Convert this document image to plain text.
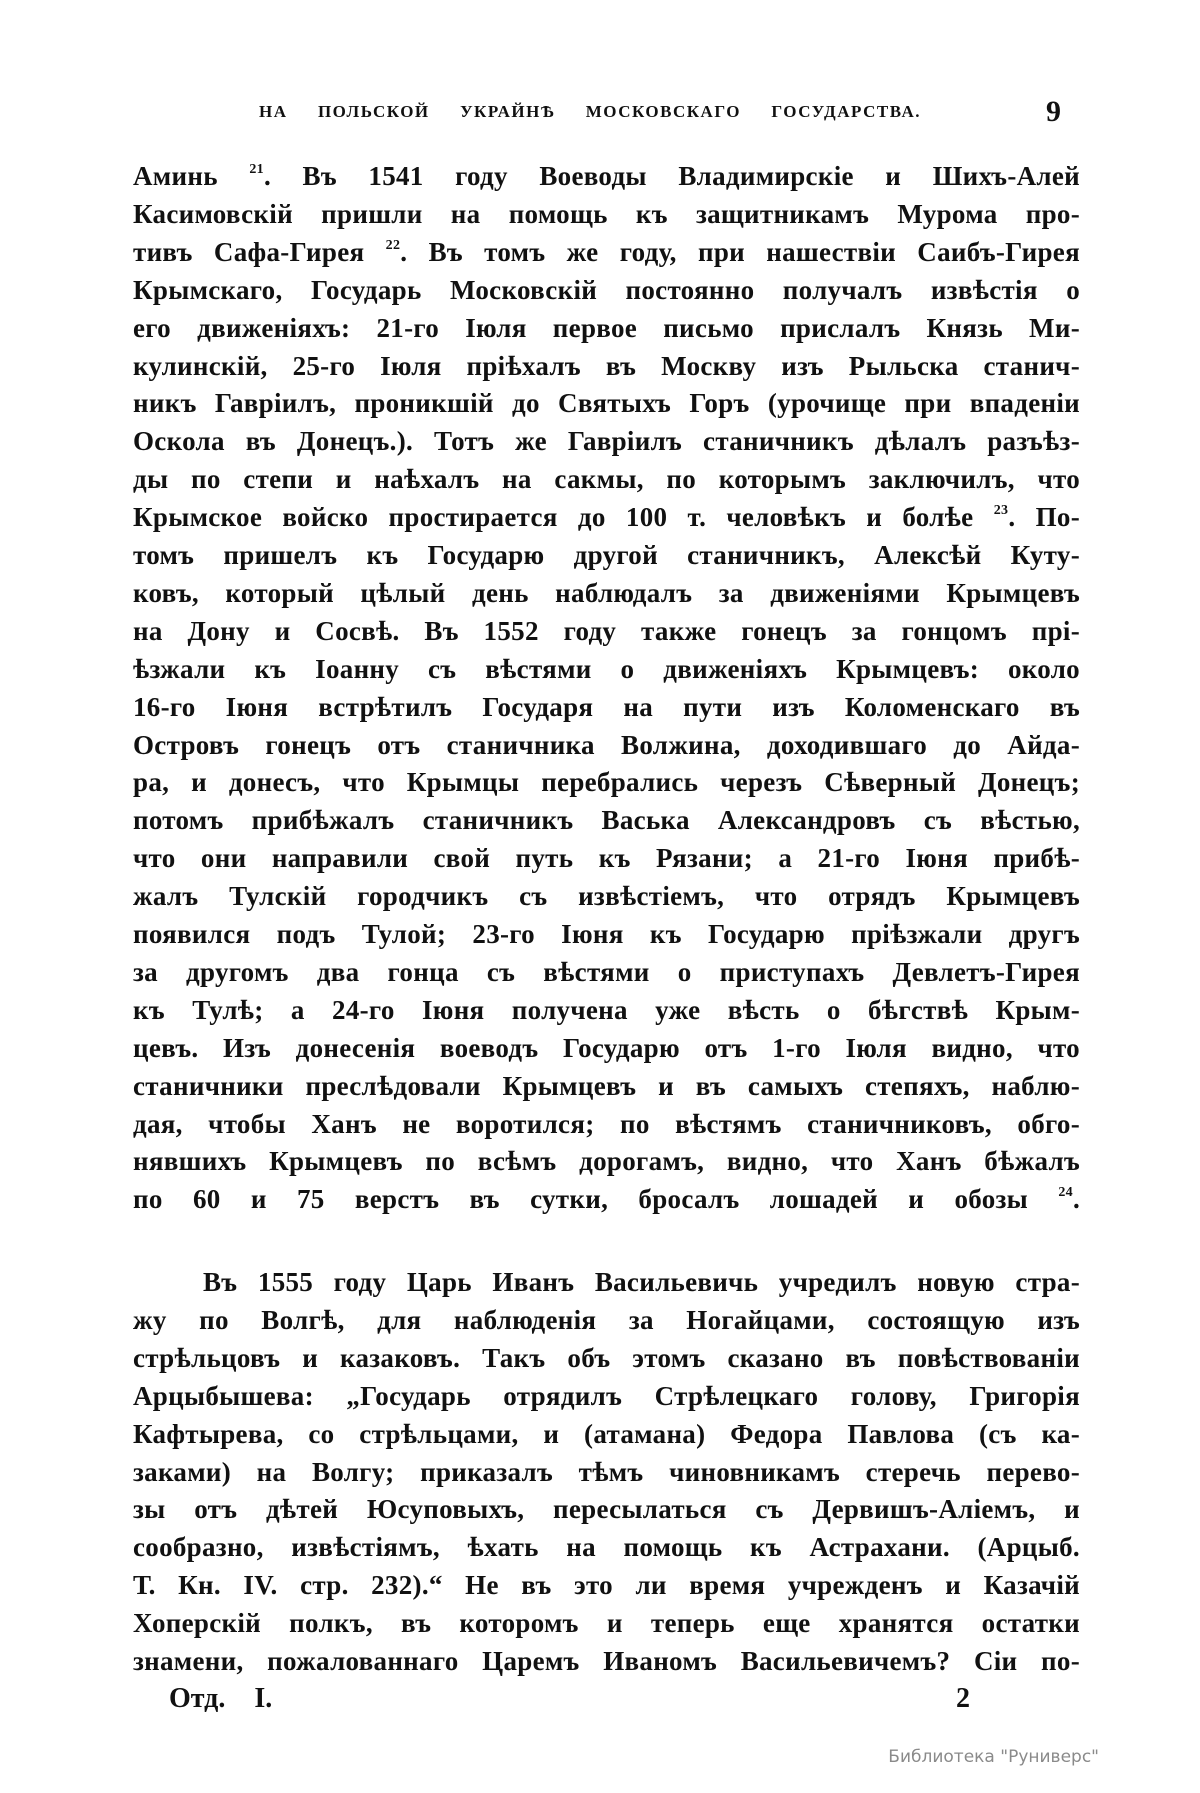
НА ПОЛЬСКОЙ УКРАЙНѢ МОСКОВСКАГО ГОСУДАРСТВА.	9
Аминь $^{21}$. Въ 1541 году Воеводы Владимирскіе и Шихъ-Алей
Касимовскій пришли на помощь къ защитникамъ Мурома про-
тивъ Сафа-Гирея $^{22}$. Въ томъ же году, при нашествіи Саибъ-Гирея
Крымскаго, Государь Московскій постоянно получалъ извѣстія о
его движеніяхъ: 21-го Іюля первое письмо прислалъ Князь Ми-
кулинскій, 25-го Іюля пріѣхалъ въ Москву изъ Рыльска станич-
никъ Гавріилъ, проникшій до Святыхъ Горъ (урочище при впаденіи
Оскола въ Донецъ.). Тотъ же Гавріилъ станичникъ дѣлалъ разъѣз-
ды по степи и наѣхалъ на сакмы, по которымъ заключилъ, что
Крымское войско простирается до 100 т. человѣкъ и болѣе $^{23}$. По-
томъ пришелъ къ Государю другой станичникъ, Алексѣй Куту-
ковъ, который цѣлый день наблюдалъ за движеніями Крымцевъ
на Дону и Сосвѣ. Въ 1552 году также гонецъ за гонцомъ прі-
ѣзжали къ Іоанну съ вѣстями о движеніяхъ Крымцевъ: около
16-го Іюня встрѣтилъ Государя на пути изъ Коломенскаго въ
Островъ гонецъ отъ станичника Волжина, доходившаго до Айда-
ра, и донесъ, что Крымцы перебрались черезъ Сѣверный Донецъ;
потомъ прибѣжалъ станичникъ Васька Александровъ съ вѣстью,
что они направили свой путь къ Рязани; а 21-го Іюня прибѣ-
жалъ Тулскій городчикъ съ извѣстіемъ, что отрядъ Крымцевъ
появился подъ Тулой; 23-го Іюня къ Государю пріѣзжали другъ
за другомъ два гонца съ вѣстями о приступахъ Девлетъ-Гирея
къ Тулѣ; а 24-го Іюня получена уже вѣсть о бѣгствѣ Крым-
цевъ. Изъ донесенія воеводъ Государю отъ 1-го Іюля видно, что
станичники преслѣдовали Крымцевъ и въ самыхъ степяхъ, наблю-
дая, чтобы Ханъ не воротился; по вѣстямъ станичниковъ, обго-
нявшихъ Крымцевъ по всѣмъ дорогамъ, видно, что Ханъ бѣжалъ
по 60 и 75 верстъ въ сутки, бросалъ лошадей и обозы $^{24}$.
Въ 1555 году Царь Иванъ Васильевичь учредилъ новую стра-
жу по Волгѣ, для наблюденія за Ногайцами, состоящую изъ
стрѣльцовъ и казаковъ. Такъ объ этомъ сказано въ повѣствованіи
Арцыбышева: „Государь отрядилъ Стрѣлецкаго голову, Григорія
Кафтырева, со стрѣльцами, и (атамана) Федора Павлова (съ ка-
заками) на Волгу; приказалъ тѣмъ чиновникамъ стеречь перево-
зы отъ дѣтей Юсуповыхъ, пересылаться съ Дервишъ-Аліемъ, и
сообразно, извѣстіямъ, ѣхать на помощь къ Астрахани. (Арцыб.
Т. Кн. IV. стр. 232).“ Не въ это ли время учрежденъ и Казачій
Хоперскій полкъ, въ которомъ и теперь еще хранятся остатки
знамени, пожалованнаго Царемъ Иваномъ Васильевичемъ? Сіи по-
Отд. I.	2
Библиотека "Руниверс"
